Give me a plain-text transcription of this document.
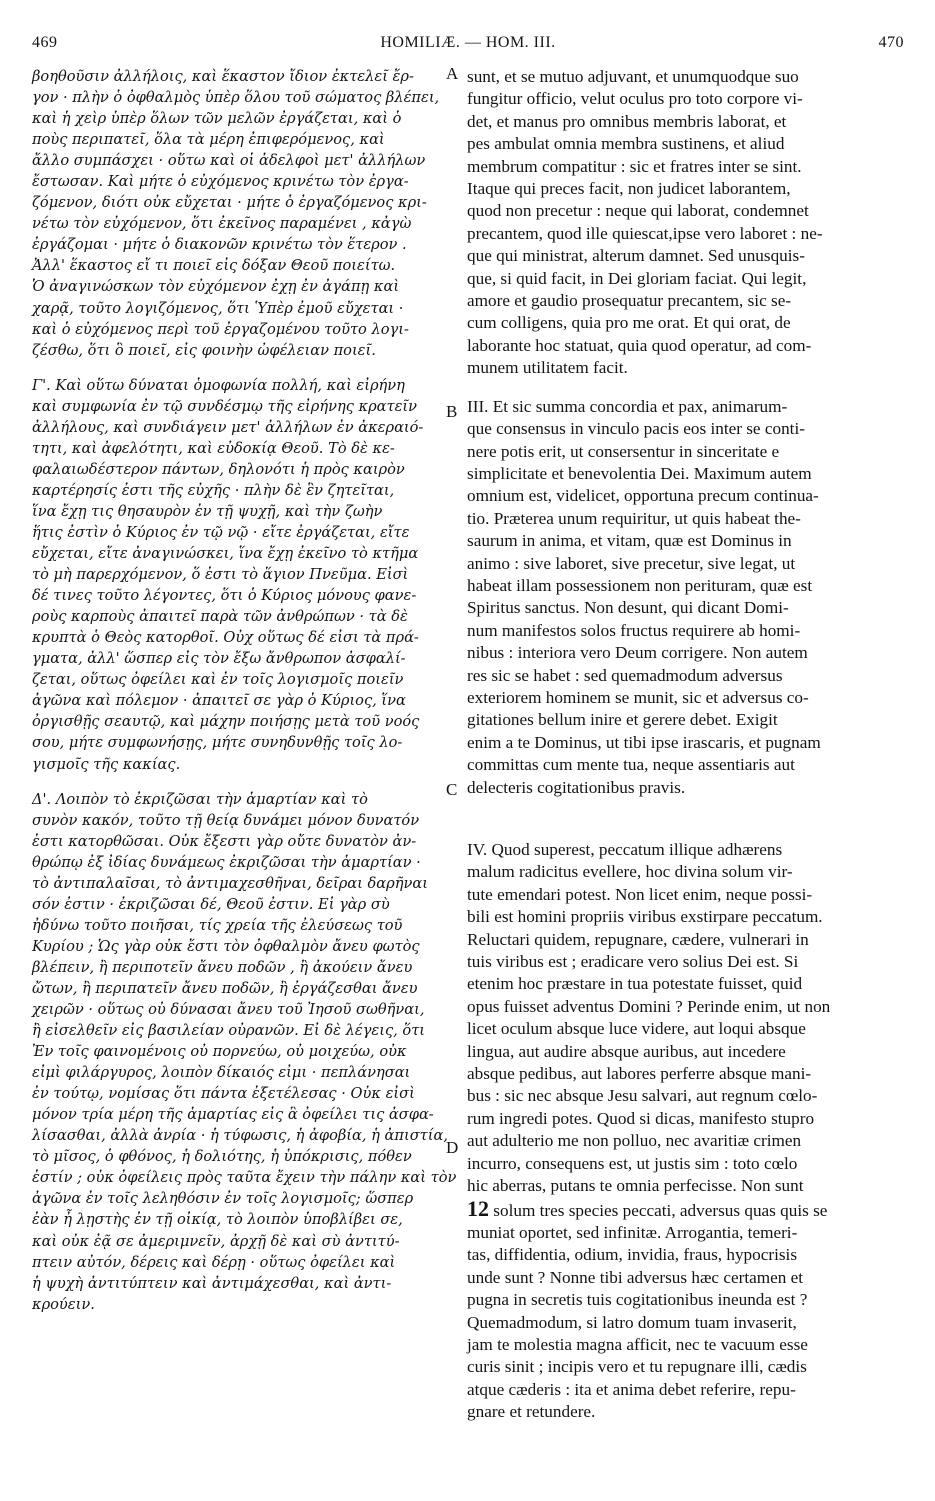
469	HOMILIÆ. — HOM. III.	470
A
B
C
D
βοηθοῦσιν ἀλλήλοις, καὶ ἕκαστον ἴδιον ἐκτελεῖ ἔρ-
γον · πλὴν ὁ ὀφθαλμὸς ὑπὲρ ὅλου τοῦ σώματος βλέπει,
καὶ ἡ χεὶρ ὑπὲρ ὅλων τῶν μελῶν ἐργάζεται, καὶ ὁ
ποὺς περιπατεῖ, ὅλα τὰ μέρη ἐπιφερόμενος, καὶ
ἄλλο συμπάσχει · οὕτω καὶ οἱ ἀδελφοὶ μετ' ἀλλήλων
ἔστωσαν. Καὶ μήτε ὁ εὐχόμενος κρινέτω τὸν ἐργα-
ζόμενον, διότι οὐκ εὔχεται · μήτε ὁ ἐργαζόμενος κρι-
νέτω τὸν εὐχόμενον, ὅτι ἐκεῖνος παραμένει , κἀγὼ
ἐργάζομαι · μήτε ὁ διακονῶν κρινέτω τὸν ἕτερον .
Ἀλλ' ἕκαστος εἴ τι ποιεῖ εἰς δόξαν Θεοῦ ποιείτω.
Ὁ ἀναγινώσκων τὸν εὐχόμενον ἐχῃ ἐν ἀγάπῃ καὶ
χαρᾷ, τοῦτο λογιζόμενος, ὅτι Ὑπὲρ ἐμοῦ εὔχεται ·
καὶ ὁ εὐχόμενος περὶ τοῦ ἐργαζομένου τοῦτο λογι-
ζέσθω, ὅτι ὃ ποιεῖ, εἰς φοινὴν ὠφέλειαν ποιεῖ.
Γ'. Καὶ οὕτω δύναται ὁμοφωνία πολλή, καὶ εἰρήνη
καὶ συμφωνία ἐν τῷ συνδέσμῳ τῆς εἰρήνης κρατεῖν
ἀλλήλους, καὶ συνδιάγειν μετ' ἀλλήλων ἐν ἀκεραιό-
τητι, καὶ ἀφελότητι, καὶ εὐδοκίᾳ Θεοῦ. Τὸ δὲ κε-
φαλαιωδέστερον πάντων, δηλονότι ἡ πρὸς καιρὸν
καρτέρησίς ἐστι τῆς εὐχῆς · πλὴν δὲ ἓν ζητεῖται,
ἵνα ἔχῃ τις θησαυρὸν ἐν τῇ ψυχῇ, καὶ τὴν ζωὴν
ἥτις ἐστὶν ὁ Κύριος ἐν τῷ νῷ · εἴτε ἐργάζεται, εἴτε
εὔχεται, εἴτε ἀναγινώσκει, ἵνα ἔχῃ ἐκεῖνο τὸ κτῆμα
τὸ μὴ παρερχόμενον, ὅ ἐστι τὸ ἅγιον Πνεῦμα. Εἰσὶ
δέ τινες τοῦτο λέγοντες, ὅτι ὁ Κύριος μόνους φανε-
ροὺς καρποὺς ἀπαιτεῖ παρὰ τῶν ἀνθρώπων · τὰ δὲ
κρυπτὰ ὁ Θεὸς κατορθοῖ. Οὐχ οὕτως δέ εἰσι τὰ πρά-
γματα, ἀλλ' ὥσπερ εἰς τὸν ἔξω ἄνθρωπον ἀσφαλί-
ζεται, οὕτως ὀφείλει καὶ ἐν τοῖς λογισμοῖς ποιεῖν
ἀγῶνα καὶ πόλεμον · ἀπαιτεῖ σε γὰρ ὁ Κύριος, ἵνα
ὀργισθῇς σεαυτῷ, καὶ μάχην ποιήσῃς μετὰ τοῦ νοός
σου, μήτε συμφωνήσῃς, μήτε συνηδυνθῇς τοῖς λο-
γισμοῖς τῆς κακίας.
Δ'. Λοιπὸν τὸ ἐκριζῶσαι τὴν ἁμαρτίαν καὶ τὸ
συνὸν κακόν, τοῦτο τῇ θείᾳ δυνάμει μόνον δυνατόν
ἐστι κατορθῶσαι. Οὐκ ἔξεστι γὰρ οὔτε δυνατὸν ἀν-
θρώπῳ ἐξ ἰδίας δυνάμεως ἐκριζῶσαι τὴν ἁμαρτίαν ·
τὸ ἀντιπαλαῖσαι, τὸ ἀντιμαχεσθῆναι, δεῖραι δαρῆναι
σόν ἐστιν · ἐκριζῶσαι δέ, Θεοῦ ἐστιν. Εἰ γὰρ σὺ
ἠδύνω τοῦτο ποιῆσαι, τίς χρεία τῆς ἐλεύσεως τοῦ
Κυρίου ; Ὡς γὰρ οὐκ ἔστι τὸν ὀφθαλμὸν ἄνευ φωτὸς
βλέπειν, ἢ περιποτεῖν ἄνευ ποδῶν , ἢ ἀκούειν ἄνευ
ὤτων, ἢ περιπατεῖν ἄνευ ποδῶν, ἢ ἐργάζεσθαι ἄνευ
χειρῶν · οὕτως οὐ δύνασαι ἄνευ τοῦ Ἰησοῦ σωθῆναι,
ἢ εἰσελθεῖν εἰς βασιλείαν οὐρανῶν. Εἰ δὲ λέγεις, ὅτι
Ἐν τοῖς φαινομένοις οὐ πορνεύω, οὐ μοιχεύω, οὐκ
εἰμὶ φιλάργυρος, λοιπὸν δίκαιός εἰμι · πεπλάνησαι
ἐν τούτῳ, νομίσας ὅτι πάντα ἐξετέλεσας · Οὐκ εἰσὶ
μόνον τρία μέρη τῆς ἁμαρτίας εἰς ἃ ὀφείλει τις ἀσφα-
λίσασθαι, ἀλλὰ ἀνρία · ἡ τύφωσις, ἡ ἀφοβία, ἡ ἀπιστία,
τὸ μῖσος, ὁ φθόνος, ἡ δολιότης, ἡ ὑπόκρισις, πόθεν
ἐστίν ; οὐκ ὀφείλεις πρὸς ταῦτα ἔχειν τὴν πάλην καὶ τὸν
ἀγῶνα ἐν τοῖς λεληθόσιν ἐν τοῖς λογισμοῖς; ὥσπερ
ἐὰν ἦ λῃστὴς ἐν τῇ οἰκίᾳ, τὸ λοιπὸν ὑποβλίβει σε,
καὶ οὐκ ἐᾷ σε ἀμεριμνεῖν, ἀρχῇ δὲ καὶ σὺ ἀντιτύ-
πτειν αὐτόν, δέρεις καὶ δέρῃ · οὕτως ὀφείλει καὶ
ἡ ψυχὴ ἀντιτύπτειν καὶ ἀντιμάχεσθαι, καὶ ἀντι-
κρούειν.
sunt, et se mutuo adjuvant, et unumquodque suo
fungitur officio, velut oculus pro toto corpore vi-
det, et manus pro omnibus membris laborat, et
pes ambulat omnia membra sustinens, et aliud
membrum compatitur : sic et fratres inter se sint.
Itaque qui preces facit, non judicet laborantem,
quod non precetur : neque qui laborat, condemnet
precantem, quod ille quiescat,ipse vero laboret : ne-
que qui ministrat, alterum damnet. Sed unusquis-
que, si quid facit, in Dei gloriam faciat. Qui legit,
amore et gaudio prosequatur precantem, sic se-
cum colligens, quia pro me orat. Et qui orat, de
laborante hoc statuat, quia quod operatur, ad com-
munem utilitatem facit.
III. Et sic summa concordia et pax, animarum-
que consensus in vinculo pacis eos inter se conti-
nere potis erit, ut consersentur in sinceritate e
simplicitate et benevolentia Dei. Maximum autem
omnium est, videlicet, opportuna precum continua-
tio. Præterea unum requiritur, ut quis habeat the-
saurum in anima, et vitam, quæ est Dominus in
animo : sive laboret, sive precetur, sive legat, ut
habeat illam possessionem non perituram, quæ est
Spiritus sanctus. Non desunt, qui dicant Domi-
num manifestos solos fructus requirere ab homi-
nibus : interiora vero Deum corrigere. Non autem
res sic se habet : sed quemadmodum adversus
exteriorem hominem se munit, sic et adversus co-
gitationes bellum inire et gerere debet. Exigit
enim a te Dominus, ut tibi ipse irascaris, et pugnam
committas cum mente tua, neque assentiaris aut
delecteris cogitationibus pravis.
IV. Quod superest, peccatum illique adhærens
malum radicitus evellere, hoc divina solum vir-
tute emendari potest. Non licet enim, neque possi-
bili est homini propriis viribus exstirpare peccatum.
Reluctari quidem, repugnare, cædere, vulnerari in
tuis viribus est ; eradicare vero solius Dei est. Si
etenim hoc præstare in tua potestate fuisset, quid
opus fuisset adventus Domini ? Perinde enim, ut non
licet oculum absque luce videre, aut loqui absque
lingua, aut audire absque auribus, aut incedere
absque pedibus, aut labores perferre absque mani-
bus : sic nec absque Jesu salvari, aut regnum cœlo-
rum ingredi potes. Quod si dicas, manifesto stupro
aut adulterio me non polluo, nec avaritiæ crimen
incurro, consequens est, ut justis sim : toto cœlo
hic aberras, putans te omnia perfecisse. Non sunt
12 solum tres species peccati, adversus quas quis se
muniat oportet, sed infinitæ. Arrogantia, temeri-
tas, diffidentia, odium, invidia, fraus, hypocrisis
unde sunt ? Nonne tibi adversus hæc certamen et
pugna in secretis tuis cogitationibus ineunda est ?
Quemadmodum, si latro domum tuam invaserit,
jam te molestia magna afficit, nec te vacuum esse
curis sinit ; incipis vero et tu repugnare illi, cædis
atque cæderis : ita et anima debet referire, repu-
gnare et retundere.
